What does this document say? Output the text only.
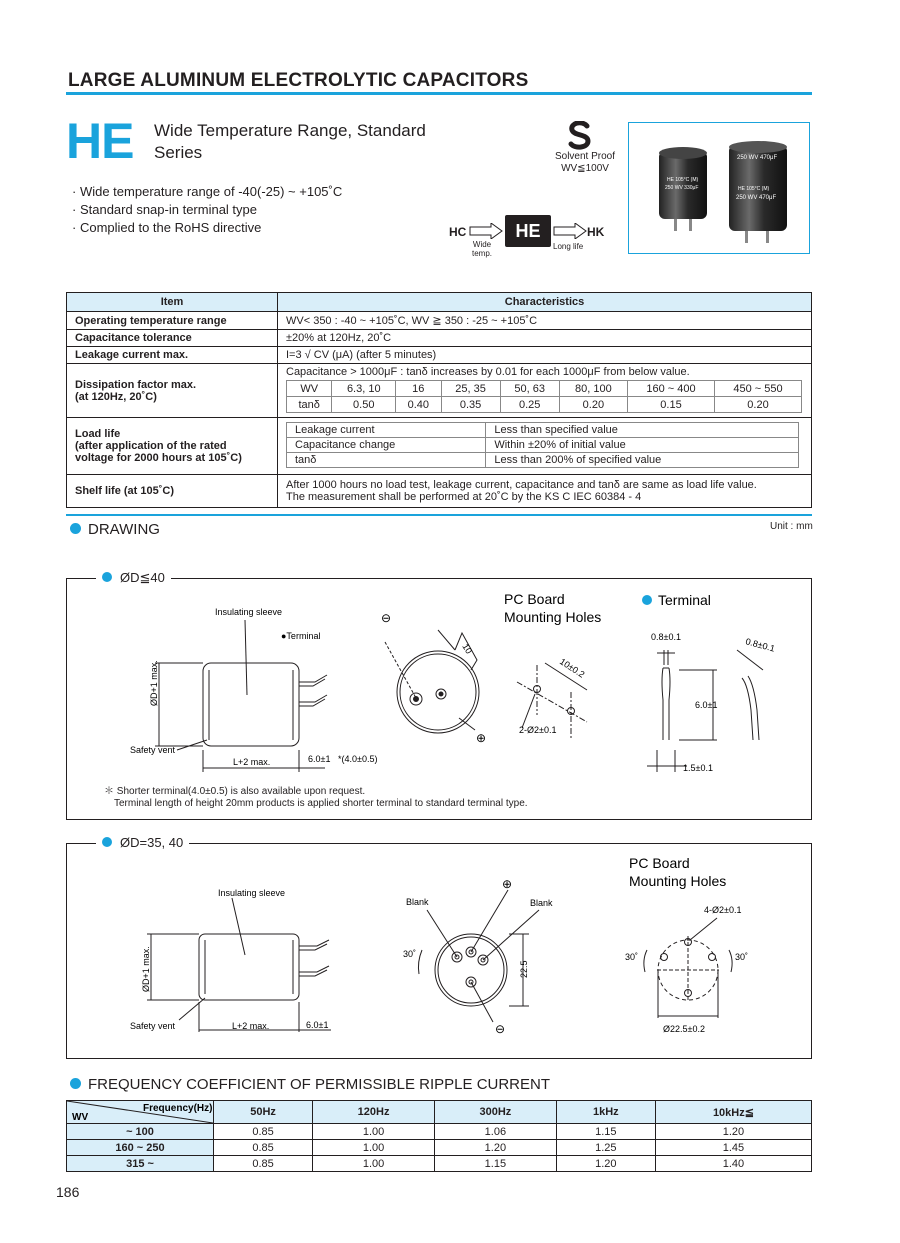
LARGE ALUMINUM ELECTROLYTIC CAPACITORS
HE Wide Temperature Range, Standard
Series
· Wide temperature range of -40(-25) ~ +105˚C
· Standard snap-in terminal type
· Complied to the RoHS directive
Solvent Proof
WV≦100V
HE 105°C (M)
250 WV 330μF
250 WV 470μF
HE 105°C (M)
250 WV 470μF
HC	HE	HK
Wide
temp.
Long life
Item	Characteristics
Operating temperature range	WV< 350 : -40 ~ +105˚C, WV ≧ 350 : -25 ~ +105˚C
Capacitance tolerance	±20% at 120Hz, 20˚C
Leakage current max.	I=3 √ CV (μA) (after 5 minutes)

Dissipation factor max.
(at 120Hz, 20˚C)

Capacitance > 1000μF : tanδ increases by 0.01 for each 1000μF from below value.
WV	6.3, 10	16	25, 35	50, 63	80, 100	160 ~ 400	450 ~ 550
tanδ	0.50	0.40	0.35	0.25	0.20	0.15	0.20

Load life
(after application of the rated
voltage for 2000 hours at 105˚C)

Leakage current	Less than specified value
Capacitance change	Within ±20% of initial value
tanδ	Less than 200% of specified value

Shelf life (at 105˚C)	After 1000 hours no load test, leakage current, capacitance and tanδ are same as load life value.
The measurement shall be performed at 20˚C by the KS C IEC 60384 - 4
DRAWING	Unit : mm
ØD≦40
Insulating sleeve
●Terminal
ØD+1 max.
Safety vent
L+2 max.	6.0±1 *(4.0±0.5)
⊖
⊕
10
PC Board
Mounting Holes
10±0.2
2-Ø2±0.1
Terminal
0.8±0.1	0.8±0.1
6.0±1
1.5±0.1
＊ Shorter terminal(4.0±0.5) is also available upon request.
Terminal length of height 20mm products is applied shorter terminal to standard terminal type.
ØD=35, 40
Insulating sleeve
ØD+1 max.
Safety vent	L+2 max.	6.0±1
Blank	Blank
30˚
22.5
⊕
⊖
PC Board
Mounting Holes
4-Ø2±0.1
30˚	30˚
Ø22.5±0.2
FREQUENCY COEFFICIENT OF PERMISSIBLE RIPPLE CURRENT
Frequency(Hz)
WV	50Hz	120Hz	300Hz	1kHz	10kHz≦
~ 100	0.85	1.00	1.06	1.15	1.20
160 ~ 250	0.85	1.00	1.20	1.25	1.45
315 ~	0.85	1.00	1.15	1.20	1.40
186
